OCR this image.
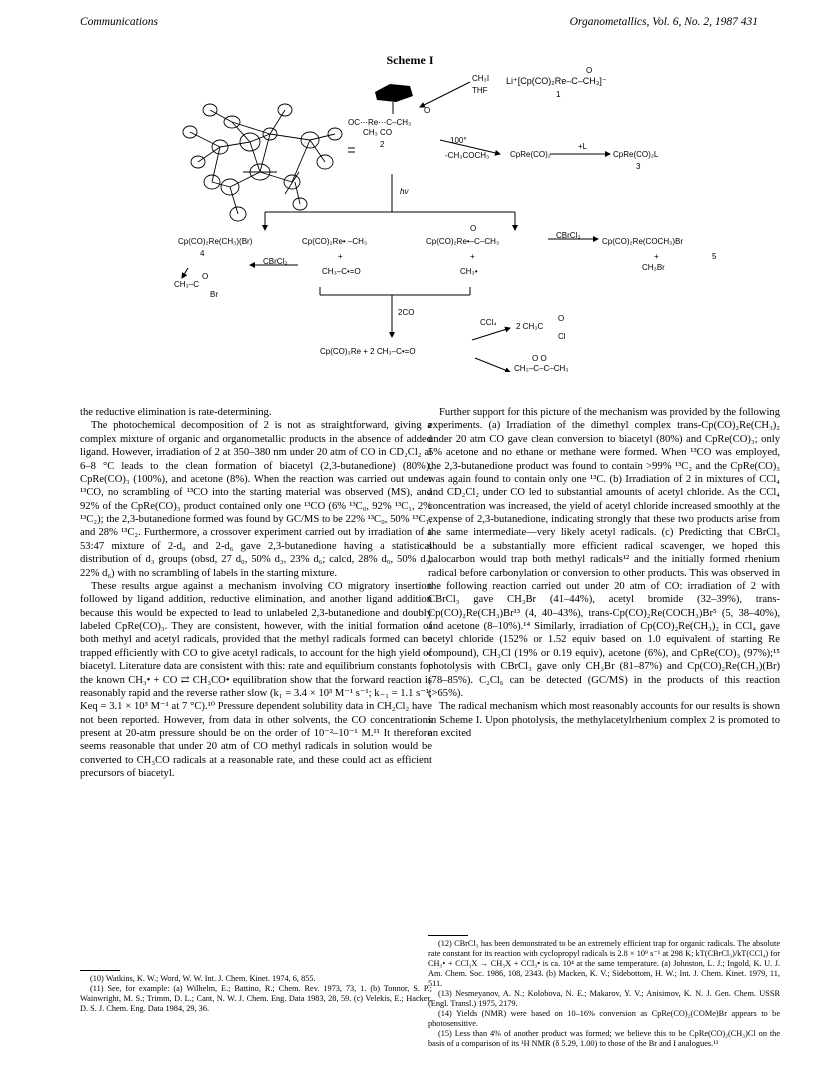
Communications	Organometallics, Vol. 6, No. 2, 1987 431
Scheme I
CH₃I
THF
O
Li⁺[Cp(CO)₂Re–C–CH₃]⁻
1
O
OC⋯Re⋯C–CH₃
CH₃ CO
2	100°
-CH₃COCH₃	CpRe(CO)₂
+L
CpRe(CO)₂L
3
hν
Cp(CO)₂Re(CH₃)(Br)
4
Cp(CO)₂Re• –CH₃
CBrCl₃
+
CH₃–C•=O
O
CH₃–C
Br
O
Cp(CO)₂Re•–C–CH₃
CBrCl₃
Cp(CO)₂Re(COCH₃)Br
+	5
+
CH₃•	CH₃Br
2CO
CCl₄	O
2 CH₃C
Cl
Cp(CO)₃Re + 2 CH₃–C•=O
O O
CH₃–C–C–CH₃

the reductive elimination is rate-determining.

The photochemical decomposition of 2 is not as straightforward, giving a complex mixture of organic and organometallic products in the absence of added ligand. However, irradiation of 2 at 350–380 nm under 20 atm of CO in CD₂Cl₂ at 6–8 °C leads to the clean formation of biacetyl (2,3-butanedione) (80%), CpRe(CO)₃ (100%), and acetone (8%). When the reaction was carried out under ¹³CO, no scrambling of ¹³CO into the starting material was observed (MS), and 92% of the CpRe(CO)₃ product contained only one ¹³CO (6% ¹³C₀, 92% ¹³C₁, 2% ¹³C₂); the 2,3-butanedione formed was found by GC/MS to be 22% ¹³C₀, 50% ¹³C₁, and 28% ¹³C₂. Furthermore, a crossover experiment carried out by irradiation of a 53:47 mixture of 2-d₀ and 2-d₆ gave 2,3-butanedione having a statistical distribution of d₃ groups (obsd, 27 d₀, 50% d₃, 23% d₆; calcd, 28% d₀, 50% d₃, 22% d₆) with no scrambling of labels in the starting mixture.

These results argue against a mechanism involving CO migratory insertion followed by ligand addition, reductive elimination, and another ligand addition because this would be expected to lead to unlabeled 2,3-butanedione and doubly labeled CpRe(CO)₃. They are consistent, however, with the initial formation of both methyl and acetyl radicals, provided that the methyl radicals formed can be trapped efficiently with CO to give acetyl radicals, to account for the high yield of biacetyl. Literature data are consistent with this: rate and equilibrium constants for the known CH₃• + CO ⇄ CH₃CO• equilibration show that the forward reaction is reasonably rapid and the reverse rather slow (k₁ = 3.4 × 10³ M⁻¹ s⁻¹; k₋₁ = 1.1 s⁻¹; Keq = 3.1 × 10³ M⁻¹ at 7 °C).¹⁰ Pressure dependent solubility data in CH₂Cl₂ have not been reported. However, from data in other solvents, the CO concentrations present at 20-atm pressure should be on the order of 10⁻²–10⁻¹ M.¹¹ It therefore seems reasonable that under 20 atm of CO methyl radicals in solution would be converted to CH₃CO radicals at a reasonable rate, and these could act as efficient precursors of biacetyl.

Further support for this picture of the mechanism was provided by the following experiments. (a) Irradiation of the dimethyl complex trans-Cp(CO)₂Re(CH₃)₂ under 20 atm CO gave clean conversion to biacetyl (80%) and CpRe(CO)₃; only 5% acetone and no ethane or methane were formed. When ¹³CO was employed, the 2,3-butanedione product was found to contain >99% ¹³C₂ and the CpRe(CO)₃ was again found to contain only one ¹³C. (b) Irradiation of 2 in mixtures of CCl₄ and CD₂Cl₂ under CO led to substantial amounts of acetyl chloride. As the CCl₄ concentration was increased, the yield of acetyl chloride increased smoothly at the expense of 2,3-butanedione, indicating strongly that these two products arise from the same intermediate—very likely acetyl radicals. (c) Predicting that CBrCl₃ should be a substantially more efficient radical scavenger, we hoped this halocarbon would trap both methyl radicals¹² and the initially formed rhenium radical before carbonylation or conversion to other products. This was observed in the following reaction carried out under 20 atm of CO: irradiation of 2 with CBrCl₃ gave CH₃Br (41–44%), acetyl bromide (32–39%), trans-Cp(CO)₂Re(CH₃)Br¹³ (4, 40–43%), trans-Cp(CO)₂Re(COCH₃)Br⁵ (5, 38–40%), and acetone (8–10%).¹⁴ Similarly, irradiation of Cp(CO)₂Re(CH₃)₂ in CCl₄ gave acetyl chloride (152% or 1.52 equiv based on 1.0 equivalent of starting Re compound), CH₃Cl (19% or 0.19 equiv), acetone (6%), and CpRe(CO)₃ (97%);¹⁵ photolysis with CBrCl₃ gave only CH₃Br (81–87%) and Cp(CO)₂Re(CH₃)(Br) (78–85%). C₂Cl₆ can be detected (GC/MS) in the products of this reaction (>65%).

The radical mechanism which most reasonably accounts for our results is shown in Scheme I. Upon photolysis, the methylacetylrhenium complex 2 is promoted to an excited

(10) Watkins, K. W.; Word, W. W. Int. J. Chem. Kinet. 1974, 6, 855.

(11) See, for example: (a) Wilhelm, E.; Battino, R.; Chem. Rev. 1973, 73, 1. (b) Tonnor, S. P.; Wainwright, M. S.; Trimm, D. L.; Cant, N. W. J. Chem. Eng. Data 1983, 28, 59. (c) Velekis, E.; Hacker, D. S. J. Chem. Eng. Data 1984, 29, 36.

(12) CBrCl₃ has been demonstrated to be an extremely efficient trap for organic radicals. The absolute rate constant for its reaction with cyclopropyl radicals is 2.8 × 10⁹ s⁻¹ at 298 K; kT(CBrCl₃)/kT(CCl₄) for CH₃• + CCl₃X → CH₃X + CCl₃• is ca. 10⁴ at the same temperature. (a) Johnston, L. J.; Ingold, K. U. J. Am. Chem. Soc. 1986, 108, 2343. (b) Macken, K. V.; Sidebottom, H. W.; Int. J. Chem. Kinet. 1979, 11, 511.

(13) Nesmeyanov, A. N.; Kolobova, N. E.; Makarov, Y. V.; Anisimov, K. N. J. Gen. Chem. USSR (Engl. Transl.) 1975, 2179.

(14) Yields (NMR) were based on 10–16% conversion as CpRe(CO)₂(COMe)Br appears to be photosensitive.

(15) Less than 4% of another product was formed; we believe this to be CpRe(CO)₂(CH₃)Cl on the basis of a comparison of its ¹H NMR (δ 5.29, 1.00) to those of the Br and I analogues.¹³
